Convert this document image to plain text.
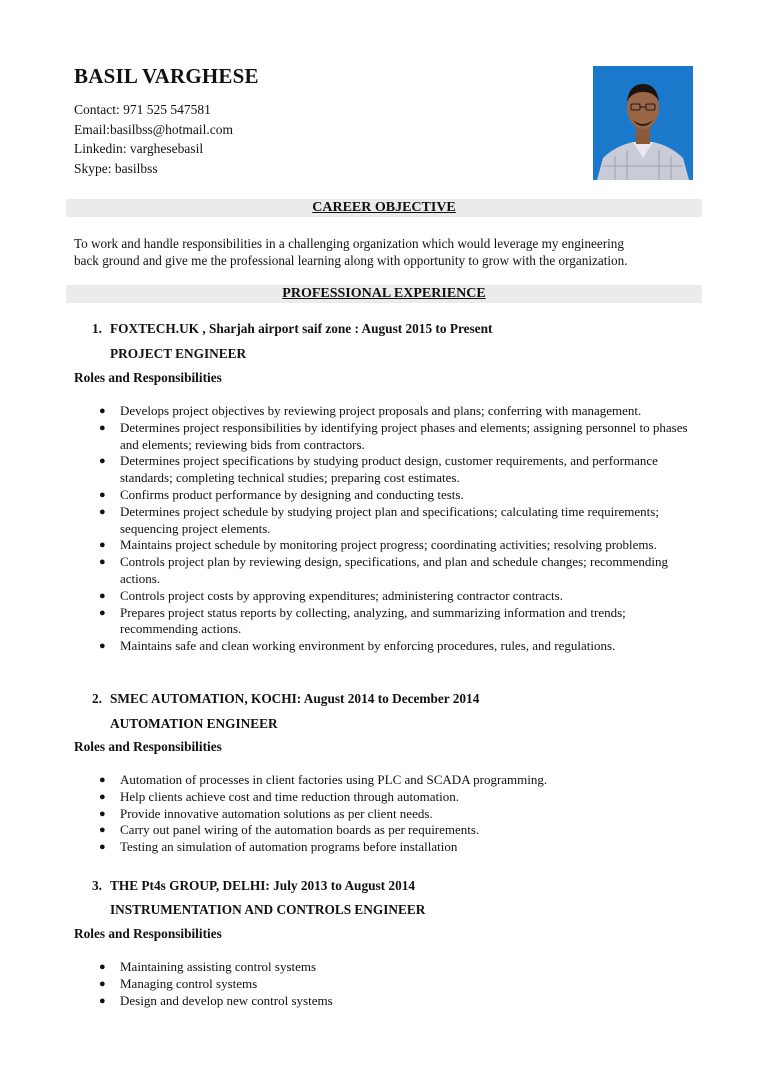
BASIL VARGHESE
Contact: 971 525 547581
Email:basilbss@hotmail.com
Linkedin: varghesebasil
Skype: basilbss
CAREER OBJECTIVE
To work and handle responsibilities in a challenging organization which would leverage my engineering
back ground and give me the professional learning along with opportunity to grow with the organization.
PROFESSIONAL EXPERIENCE
1. FOXTECH.UK , Sharjah airport saif zone : August 2015 to Present
PROJECT ENGINEER
Roles and Responsibilities
● Develops project objectives by reviewing project proposals and plans; conferring with management.
● Determines project responsibilities by identifying project phases and elements; assigning personnel to phases and elements; reviewing bids from contractors.
● Determines project specifications by studying product design, customer requirements, and performance standards; completing technical studies; preparing cost estimates.
● Confirms product performance by designing and conducting tests.
● Determines project schedule by studying project plan and specifications; calculating time requirements; sequencing project elements.
● Maintains project schedule by monitoring project progress; coordinating activities; resolving problems.
● Controls project plan by reviewing design, specifications, and plan and schedule changes; recommending actions.
● Controls project costs by approving expenditures; administering contractor contracts.
● Prepares project status reports by collecting, analyzing, and summarizing information and trends; recommending actions.
● Maintains safe and clean working environment by enforcing procedures, rules, and regulations.
2. SMEC AUTOMATION, KOCHI: August 2014 to December 2014
AUTOMATION ENGINEER
Roles and Responsibilities
● Automation of processes in client factories using PLC and SCADA programming.
● Help clients achieve cost and time reduction through automation.
● Provide innovative automation solutions as per client needs.
● Carry out panel wiring of the automation boards as per requirements.
● Testing an simulation of automation programs before installation
3. THE Pt4s GROUP, DELHI: July 2013 to August 2014
INSTRUMENTATION AND CONTROLS ENGINEER
Roles and Responsibilities
● Maintaining assisting control systems
● Managing control systems
● Design and develop new control systems
